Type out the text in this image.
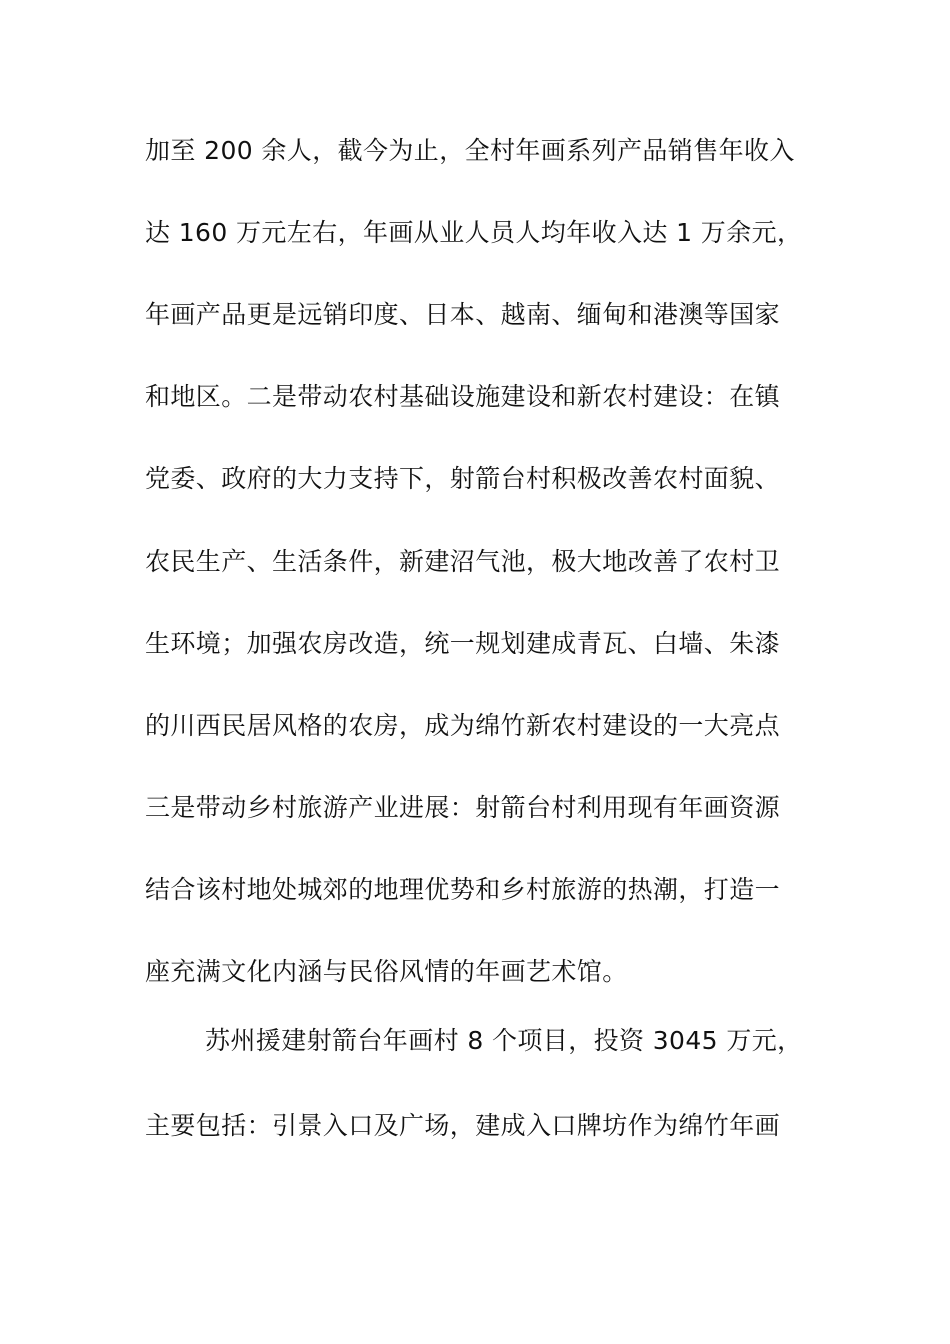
加至 200 余人，截今为止，全村年画系列产品销售年收入
达 160 万元左右，年画从业人员人均年收入达 1 万余元，
年画产品更是远销印度、日本、越南、缅甸和港澳等国家
和地区。二是带动农村基础设施建设和新农村建设：在镇
党委、政府的大力支持下，射箭台村积极改善农村面貌、
农民生产、生活条件，新建沼气池，极大地改善了农村卫
生环境；加强农房改造，统一规划建成青瓦、白墙、朱漆
的川西民居风格的农房，成为绵竹新农村建设的一大亮点
三是带动乡村旅游产业进展：射箭台村利用现有年画资源
结合该村地处城郊的地理优势和乡村旅游的热潮，打造一
座充满文化内涵与民俗风情的年画艺术馆。
苏州援建射箭台年画村 8 个项目，投资 3045 万元，
主要包括：引景入口及广场，建成入口牌坊作为绵竹年画
